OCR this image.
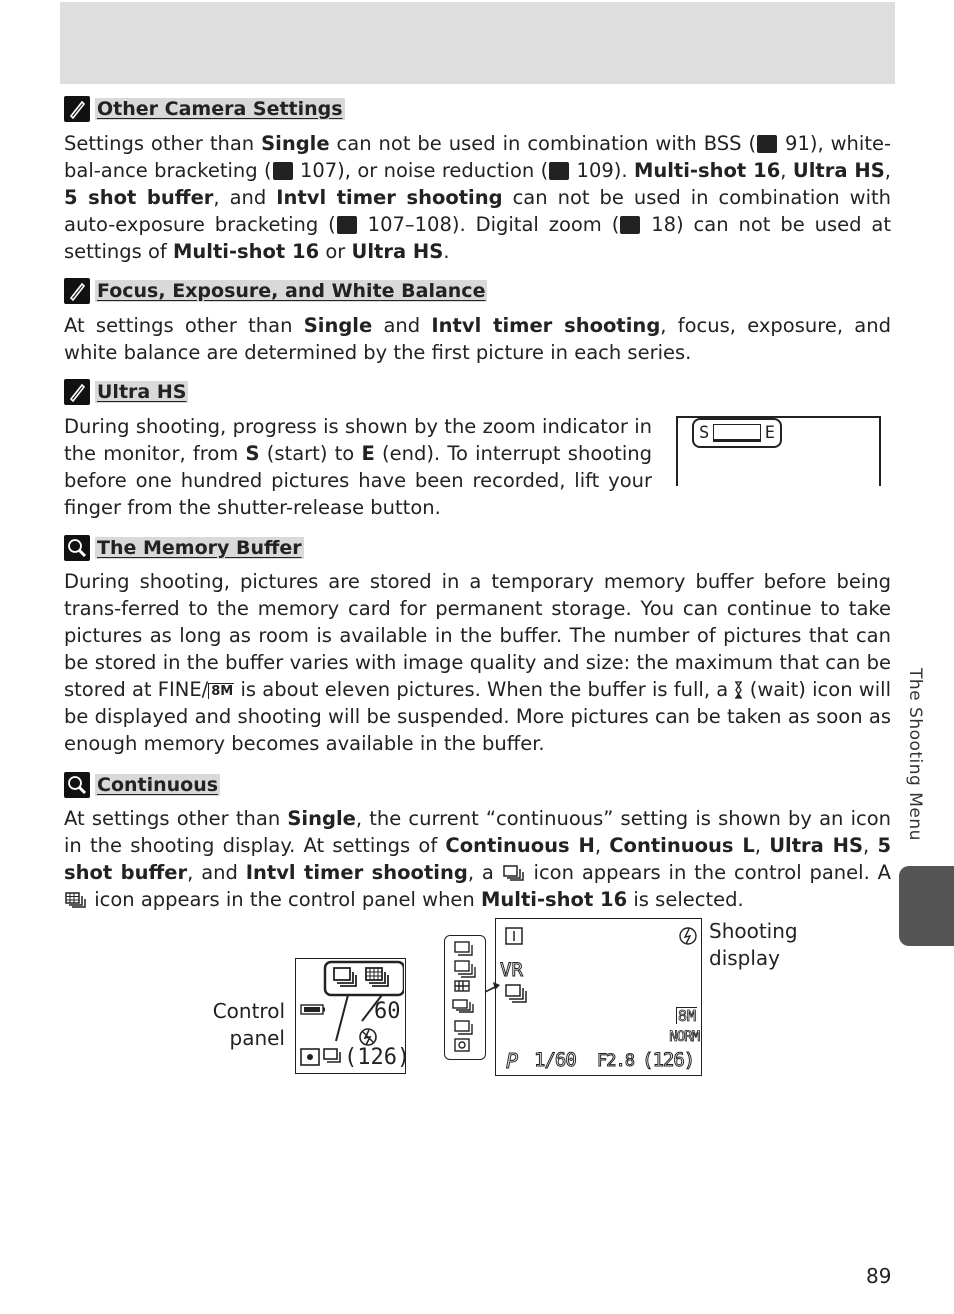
Other Camera Settings

Settings other than Single can not be used in combination with BSS ( 91), white-bal-ance bracketing ( 107), or noise reduction ( 109). Multi-shot 16, Ultra HS, 5 shot buffer, and Intvl timer shooting can not be used in combination with auto-exposure bracketing ( 107–108). Digital zoom ( 18) can not be used at settings of Multi-shot 16 or Ultra HS.

Focus, Exposure, and White Balance

At settings other than Single and Intvl timer shooting, focus, exposure, and white balance are determined by the first picture in each series.

Ultra HS

During shooting, progress is shown by the zoom indicator in the monitor, from S (start) to E (end). To interrupt shooting before one hundred pictures have been recorded, lift your finger from the shutter-release button.

S	E
The Memory Buffer

During shooting, pictures are stored in a temporary memory buffer before being trans-ferred to the memory card for permanent storage. You can continue to take pictures as long as room is available in the buffer. The number of pictures that can be stored in the buffer varies with image quality and size: the maximum that can be stored at FINE/ 8M is about eleven pictures. When the buffer is full, a  (wait) icon will be displayed and shooting will be suspended. More pictures can be taken as soon as enough memory becomes available in the buffer.

Continuous

At settings other than Single, the current “continuous” setting is shown by an icon in the shooting display. At settings of Continuous H, Continuous L, Ultra HS, 5 shot buffer, and Intvl timer shooting, a  icon appears in the control panel. A  icon appears in the control panel when Multi-shot 16 is selected.

Control
panel
60
(126)
VR
8M
NORM
P 1/60 F2.8 (126)
Shooting
display
The Shooting Menu
89
